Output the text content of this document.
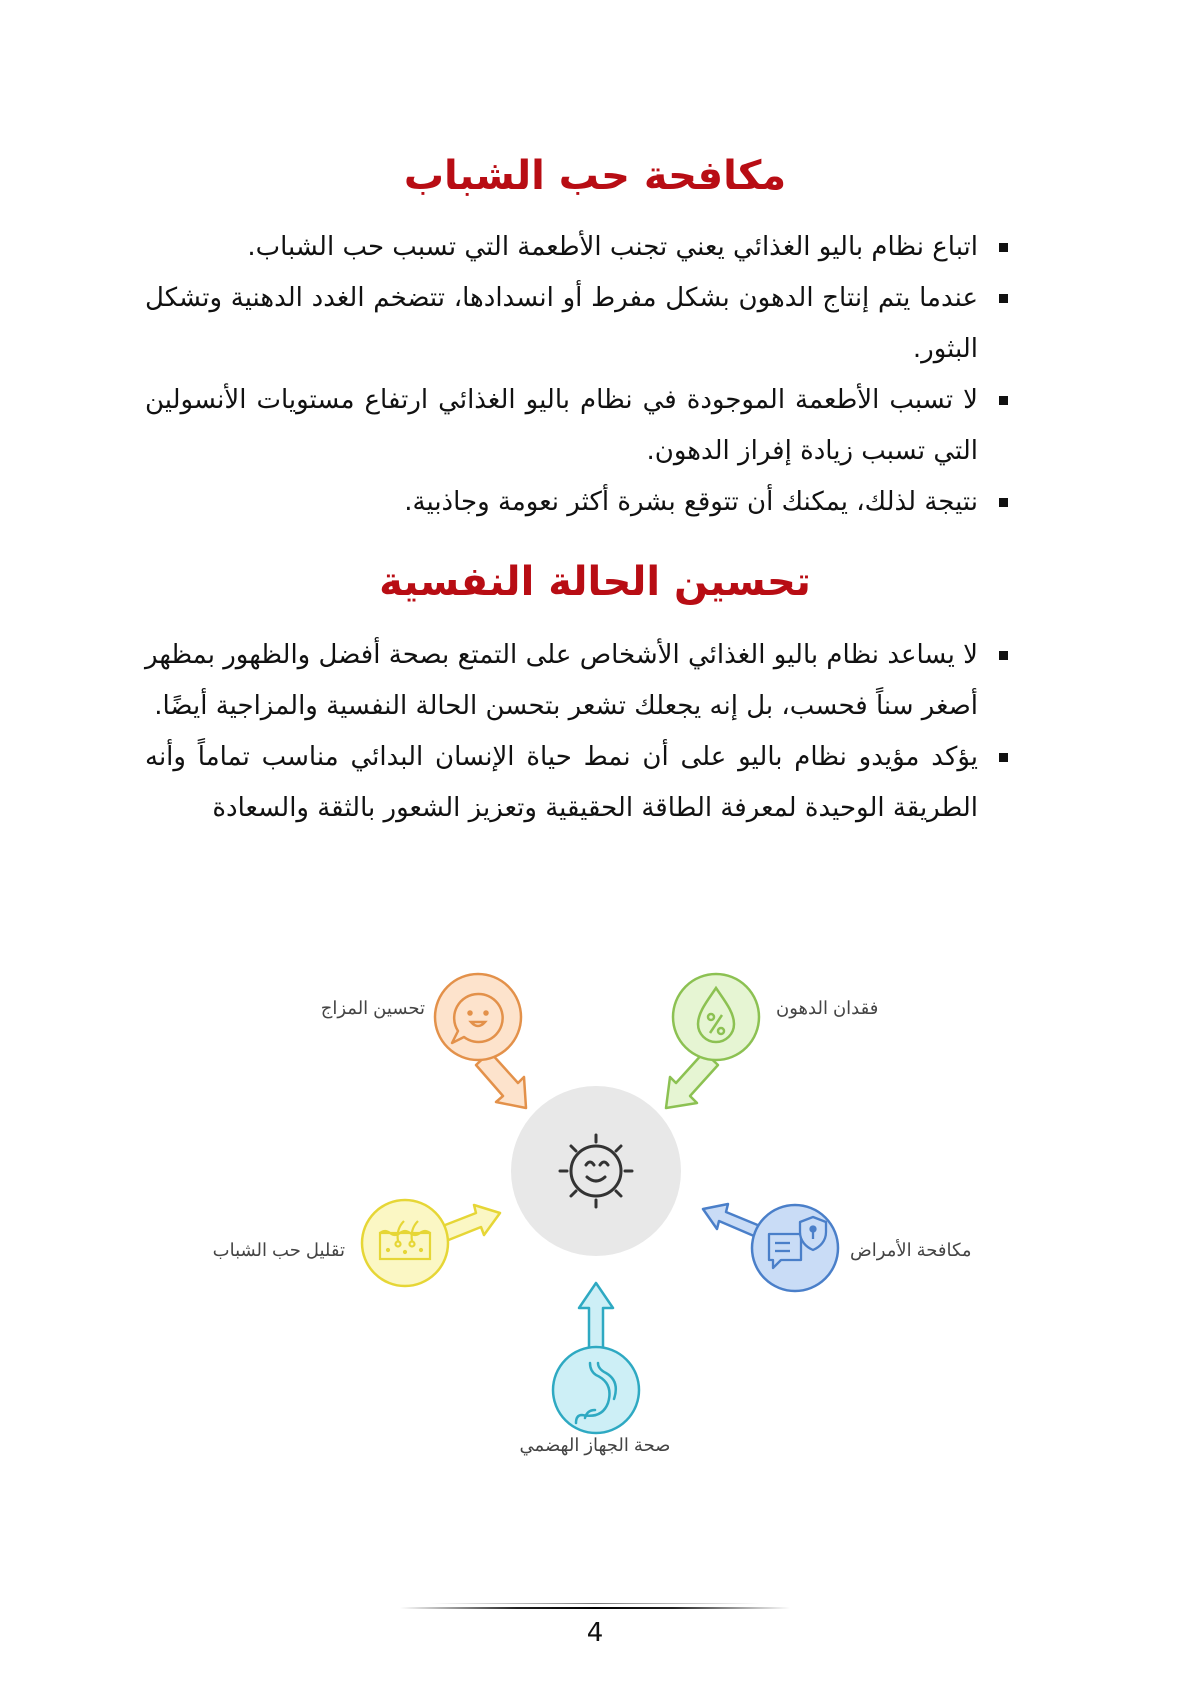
مكافحة حب الشباب
اتباع نظام باليو الغذائي يعني تجنب الأطعمة التي تسبب حب الشباب.
عندما يتم إنتاج الدهون بشكل مفرط أو انسدادها، تتضخم الغدد الدهنية وتشكل البثور.
لا تسبب الأطعمة الموجودة في نظام باليو الغذائي ارتفاع مستويات الأنسولين التي تسبب زيادة إفراز الدهون.
نتيجة لذلك، يمكنك أن تتوقع بشرة أكثر نعومة وجاذبية.
تحسين الحالة النفسية
لا يساعد نظام باليو الغذائي الأشخاص على التمتع بصحة أفضل والظهور بمظهر أصغر سناً فحسب، بل إنه يجعلك تشعر بتحسن الحالة النفسية والمزاجية أيضًا.
يؤكد مؤيدو نظام باليو على أن نمط حياة الإنسان البدائي مناسب تماماً وأنه الطريقة الوحيدة لمعرفة الطاقة الحقيقية وتعزيز الشعور بالثقة والسعادة
تحسين المزاج	فقدان الدهون
تقليل حب الشباب	مكافحة الأمراض
صحة الجهاز الهضمي
4
